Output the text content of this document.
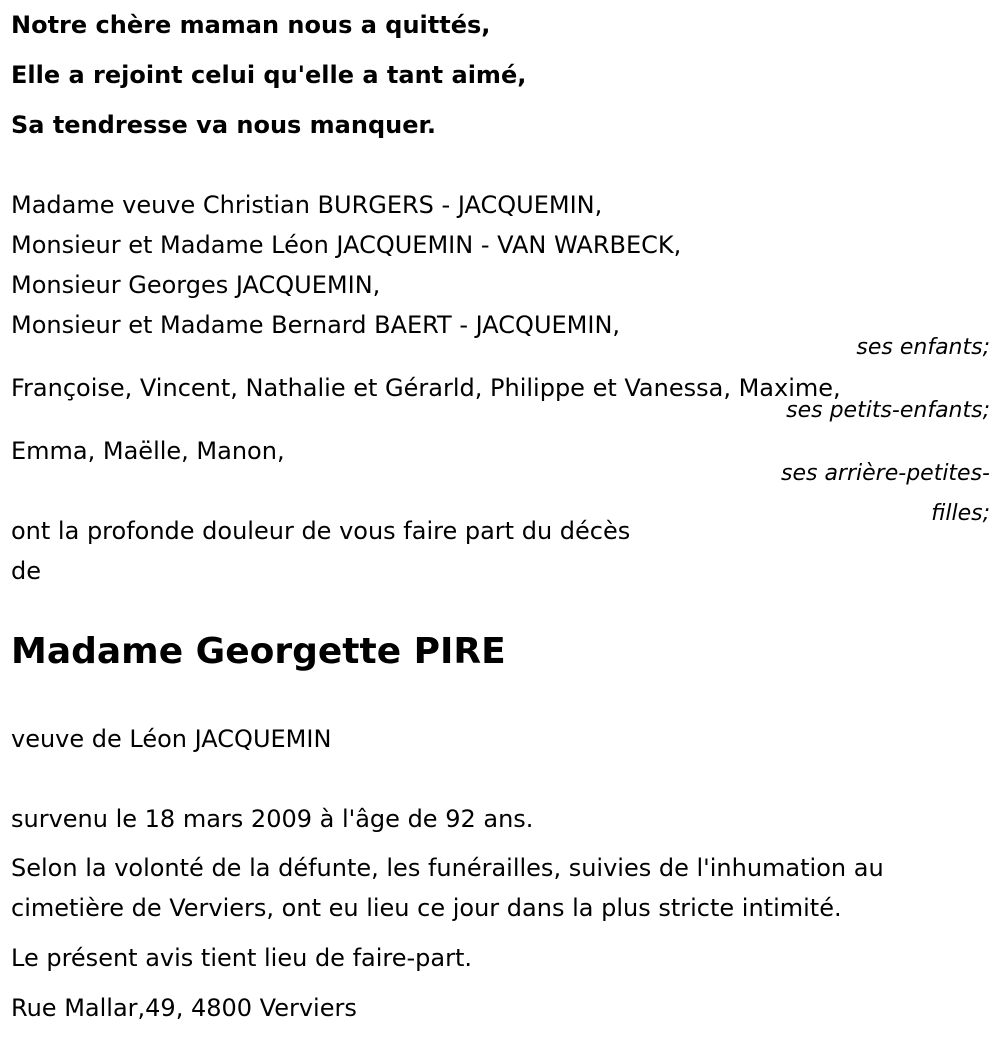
Notre chère maman nous a quittés,
Elle a rejoint celui qu'elle a tant aimé,
Sa tendresse va nous manquer.
Madame veuve Christian BURGERS - JACQUEMIN,
Monsieur et Madame Léon JACQUEMIN - VAN WARBECK,
Monsieur Georges JACQUEMIN,
Monsieur et Madame Bernard BAERT - JACQUEMIN,
ses enfants;
Françoise, Vincent, Nathalie et Gérarld, Philippe et Vanessa, Maxime,
ses petits-enfants;
Emma, Maëlle, Manon,
ses arrière-petites-
filles;
ont la profonde douleur de vous faire part du décès
de
Madame Georgette PIRE
veuve de Léon JACQUEMIN
survenu le 18 mars 2009 à l'âge de 92 ans.
Selon la volonté de la défunte, les funérailles, suivies de l'inhumation au
cimetière de Verviers, ont eu lieu ce jour dans la plus stricte intimité.
Le présent avis tient lieu de faire-part.
Rue Mallar,49, 4800 Verviers
